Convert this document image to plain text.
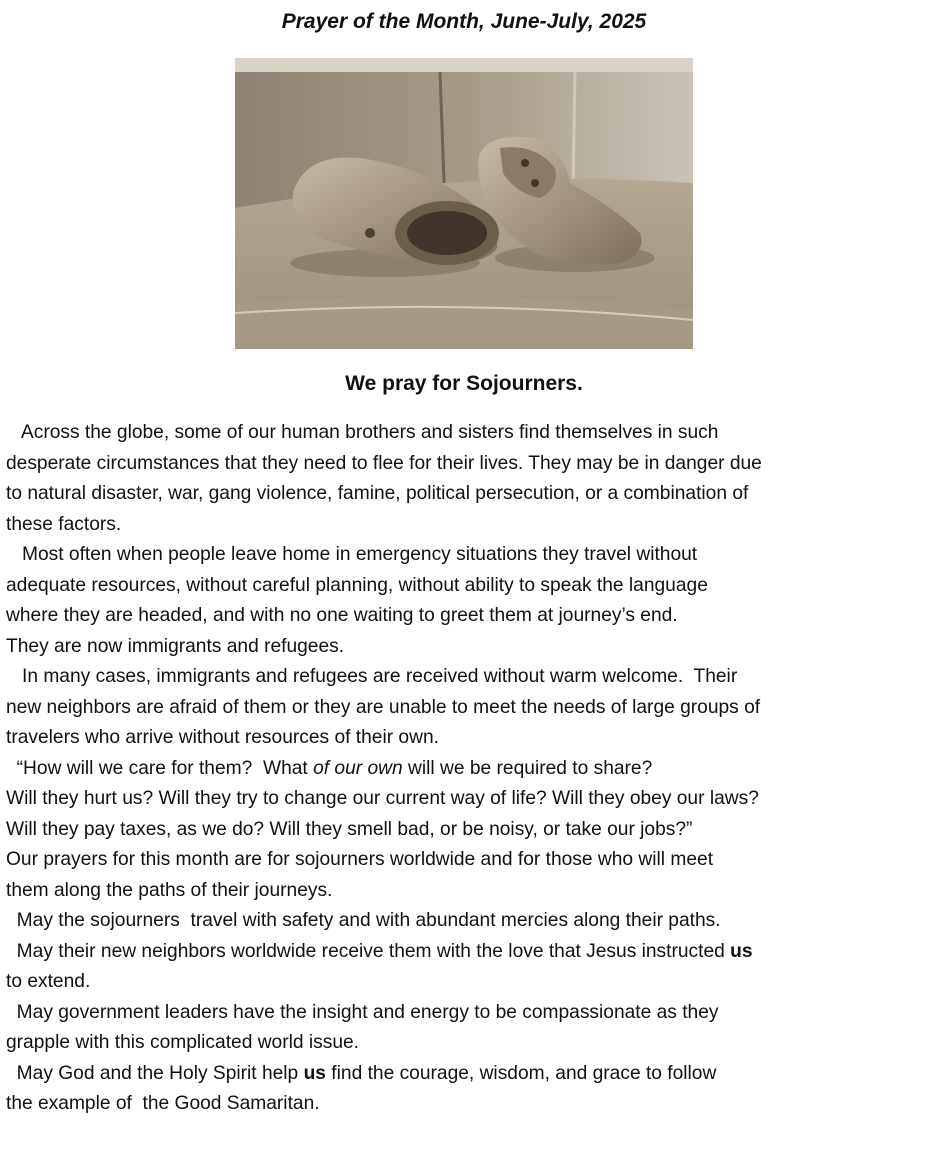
Prayer of the Month, June-July, 2025
We pray for Sojourners.
Across the globe, some of our human brothers and sisters find themselves in such
desperate circumstances that they need to flee for their lives. They may be in danger due
to natural disaster, war, gang violence, famine, political persecution, or a combination of
these factors.
Most often when people leave home in emergency situations they travel without
adequate resources, without careful planning, without ability to speak the language
where they are headed, and with no one waiting to greet them at journey’s end.
They are now immigrants and refugees.
In many cases, immigrants and refugees are received without warm welcome.  Their
new neighbors are afraid of them or they are unable to meet the needs of large groups of
travelers who arrive without resources of their own.
“How will we care for them?  What of our own will we be required to share?
Will they hurt us? Will they try to change our current way of life? Will they obey our laws?
Will they pay taxes, as we do? Will they smell bad, or be noisy, or take our jobs?”
Our prayers for this month are for sojourners worldwide and for those who will meet
them along the paths of their journeys.
May the sojourners  travel with safety and with abundant mercies along their paths.
May their new neighbors worldwide receive them with the love that Jesus instructed us
to extend.
May government leaders have the insight and energy to be compassionate as they
grapple with this complicated world issue.
May God and the Holy Spirit help us find the courage, wisdom, and grace to follow
the example of  the Good Samaritan.
